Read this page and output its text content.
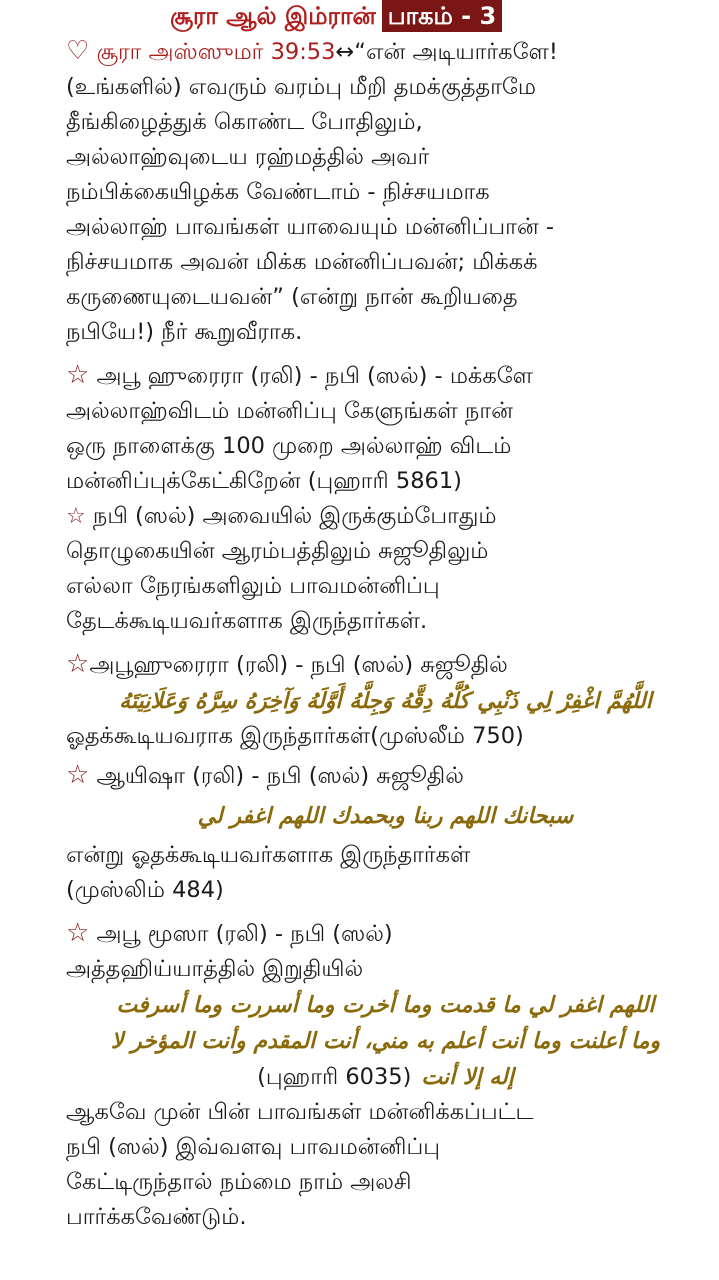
சூரா ஆல் இம்ரான் பாகம் - 3
♡ சூரா அஸ்ஸுமர் 39:53↔“என் அடியார்களே!
(உங்களில்) எவரும் வரம்பு மீறி தமக்குத்தாமே
தீங்கிழைத்துக் கொண்ட போதிலும்,
அல்லாஹ்வுடைய ரஹ்மத்தில் அவர்
நம்பிக்கையிழக்க வேண்டாம் - நிச்சயமாக
அல்லாஹ் பாவங்கள் யாவையும் மன்னிப்பான் -
நிச்சயமாக அவன் மிக்க மன்னிப்பவன்; மிக்கக்
கருணையுடையவன்” (என்று நான் கூறியதை
நபியே!) நீர் கூறுவீராக.
☆ அபூ ஹுரைரா (ரலி) - நபி (ஸல்) - மக்களே
அல்லாஹ்விடம் மன்னிப்பு கேளுங்கள் நான்
ஒரு நாளைக்கு 100 முறை அல்லாஹ் விடம்
மன்னிப்புக்கேட்கிறேன் (புஹாரி 5861)
☆ நபி (ஸல்) அவையில் இருக்கும்போதும்
தொழுகையின் ஆரம்பத்திலும் சுஜூதிலும்
எல்லா நேரங்களிலும் பாவமன்னிப்பு
தேடக்கூடியவர்களாக இருந்தார்கள்.
☆அபூஹுரைரா (ரலி) - நபி (ஸல்) சுஜூதில்
اللَّهُمَّ اغْفِرْ لِي ذَنْبِي كُلَّهُ دِقَّهُ وَجِلَّهُ أَوَّلَهُ وَآخِرَهُ سِرَّهُ وَعَلَانِيَتَهُ
ஓதக்கூடியவராக இருந்தார்கள்(முஸ்லீம் 750)
☆ ஆயிஷா (ரலி) - நபி (ஸல்) சுஜூதில்
سبحانك اللهم ربنا وبحمدك اللهم اغفر لي
என்று ஓதக்கூடியவர்களாக இருந்தார்கள்
(முஸ்லிம் 484)
☆ அபூ மூஸா (ரலி) - நபி (ஸல்)
அத்தஹிய்யாத்தில் இறுதியில்
اللهم اغفر لي ما قدمت وما أخرت وما أسررت وما أسرفت
وما أعلنت وما أنت أعلم به مني، أنت المقدم وأنت المؤخر لا
(புஹாரி 6035) إله إلا أنت
ஆகவே முன் பின் பாவங்கள் மன்னிக்கப்பட்ட
நபி (ஸல்) இவ்வளவு பாவமன்னிப்பு
கேட்டிருந்தால் நம்மை நாம் அலசி
பார்க்கவேண்டும்.
